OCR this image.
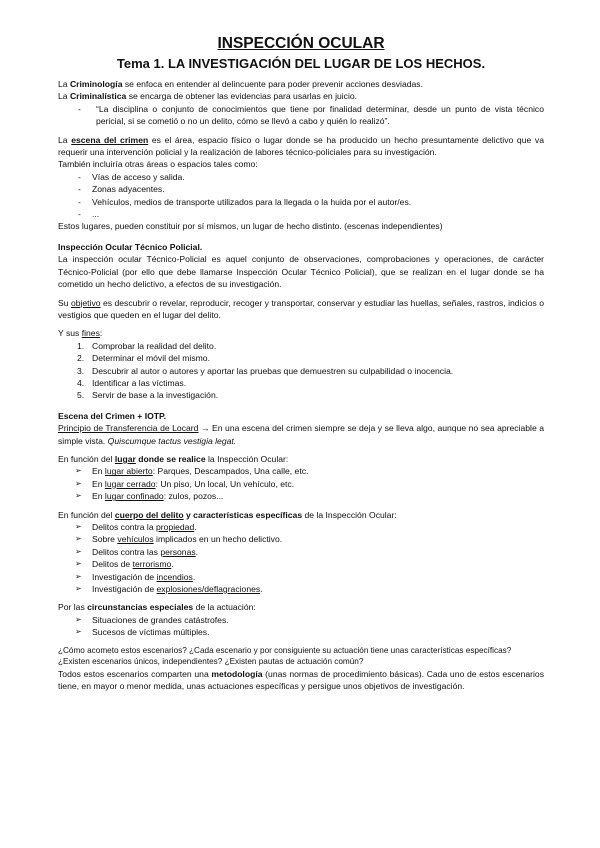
INSPECCIÓN OCULAR
Tema 1. LA INVESTIGACIÓN DEL LUGAR DE LOS HECHOS.

La Criminología se enfoca en entender al delincuente para poder prevenir acciones desviadas.

La Criminalística se encarga de obtener las evidencias para usarlas en juicio.

- “La disciplina o conjunto de conocimientos que tiene por finalidad determinar, desde un punto de vista técnico pericial, si se cometió o no un delito, cómo se llevó a cabo y quién lo realizó”.

La escena del crimen es el área, espacio físico o lugar donde se ha producido un hecho presuntamente delictivo que va requerir una intervención policial y la realización de labores técnico-policiales para su investigación.

También incluiría otras áreas o espacios tales como:

- Vías de acceso y salida.
- Zonas adyacentes.
- Vehículos, medios de transporte utilizados para la llegada o la huida por el autor/es.
- ...

Estos lugares, pueden constituir por sí mismos, un lugar de hecho distinto. (escenas independientes)

Inspección Ocular Técnico Policial.

La inspección ocular Técnico-Policial es aquel conjunto de observaciones, comprobaciones y operaciones, de carácter Técnico-Policial (por ello que debe llamarse Inspección Ocular Técnico Policial), que se realizan en el lugar donde se ha cometido un hecho delictivo, a efectos de su investigación.

Su objetivo es descubrir o revelar, reproducir, recoger y transportar, conservar y estudiar las huellas, señales, rastros, indicios o vestigios que queden en el lugar del delito.

Y sus fines:

1. Comprobar la realidad del delito.
2. Determinar el móvil del mismo.
3. Descubrir al autor o autores y aportar las pruebas que demuestren su culpabilidad o inocencia.
4. Identificar a las víctimas.
5. Servir de base a la investigación.

Escena del Crimen + IOTP.

Principio de Transferencia de Locard → En una escena del crimen siempre se deja y se lleva algo, aunque no sea apreciable a simple vista. Quiscumque tactus vestigia legat.

En función del lugar donde se realice la Inspección Ocular:

➢ En lugar abierto: Parques, Descampados, Una calle, etc.
➢ En lugar cerrado: Un piso, Un local, Un vehículo, etc.
➢ En lugar confinado: zulos, pozos...

En función del cuerpo del delito y características específicas de la Inspección Ocular:

➢ Delitos contra la propiedad.
➢ Sobre vehículos implicados en un hecho delictivo.
➢ Delitos contra las personas.
➢ Delitos de terrorismo.
➢ Investigación de incendios.
➢ Investigación de explosiones/deflagraciones.

Por las circunstancias especiales de la actuación:

➢ Situaciones de grandes catástrofes.
➢ Sucesos de víctimas múltiples.

¿Cómo acometo estos escenarios? ¿Cada escenario y por consiguiente su actuación tiene unas características específicas?

¿Existen escenarios únicos, independientes? ¿Existen pautas de actuación común?

Todos estos escenarios comparten una metodología (unas normas de procedimiento básicas). Cada uno de estos escenarios tiene, en mayor o menor medida, unas actuaciones específicas y persigue unos objetivos de investigación.
